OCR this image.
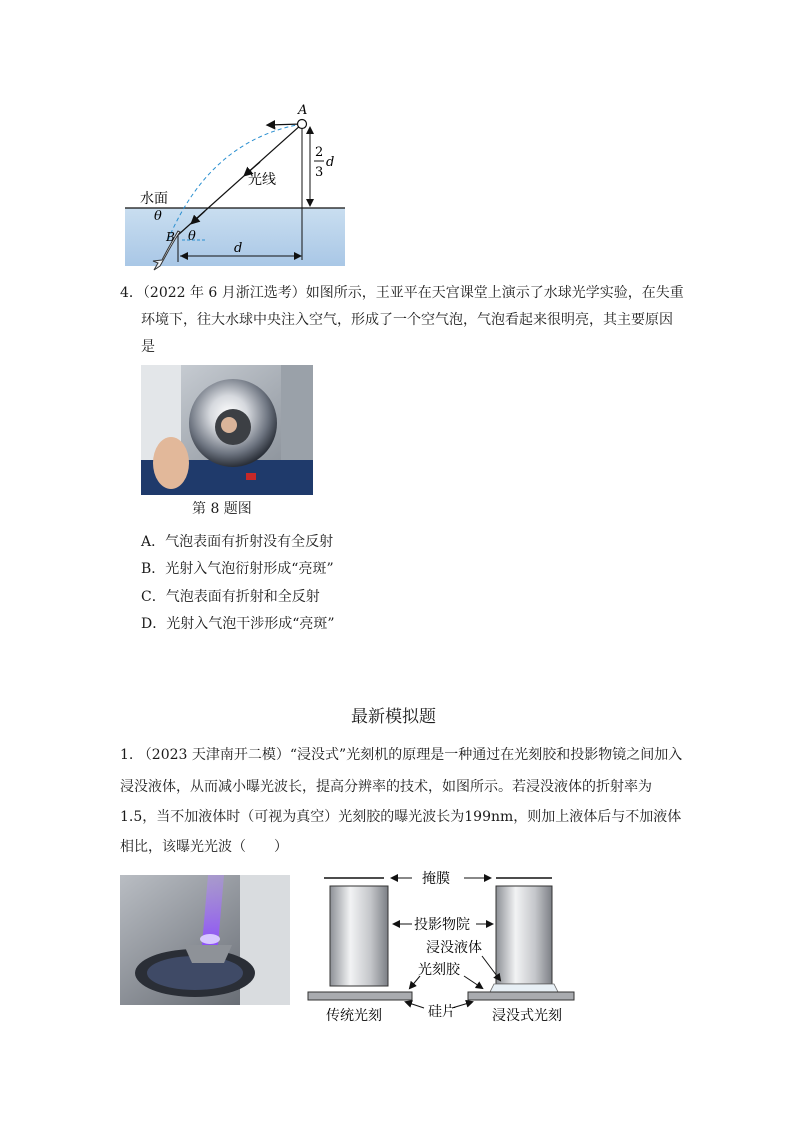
A
B
θ
θ
2
3
d
d
水面
光线
4．（2022 年 6 月浙江选考）如图所示，王亚平在天宫课堂上演示了水球光学实验，在失重
环境下，往大水球中央注入空气，形成了一个空气泡，气泡看起来很明亮，其主要原因
是
第 8 题图
A．气泡表面有折射没有全反射
B．光射入气泡衍射形成“亮斑”
C．气泡表面有折射和全反射
D．光射入气泡干涉形成“亮斑”
最新模拟题
1. （2023 天津南开二模）“浸没式”光刻机的原理是一种通过在光刻胶和投影物镜之间加入
浸没液体，从而减小曝光波长，提高分辨率的技术，如图所示。若浸没液体的折射率为
1.5，当不加液体时（可视为真空）光刻胶的曝光波长为199nm，则加上液体后与不加液体
相比，该曝光光波（　　）
掩膜
投影物院
浸没液体
光刻胶
硅片
传统光刻	浸没式光刻
